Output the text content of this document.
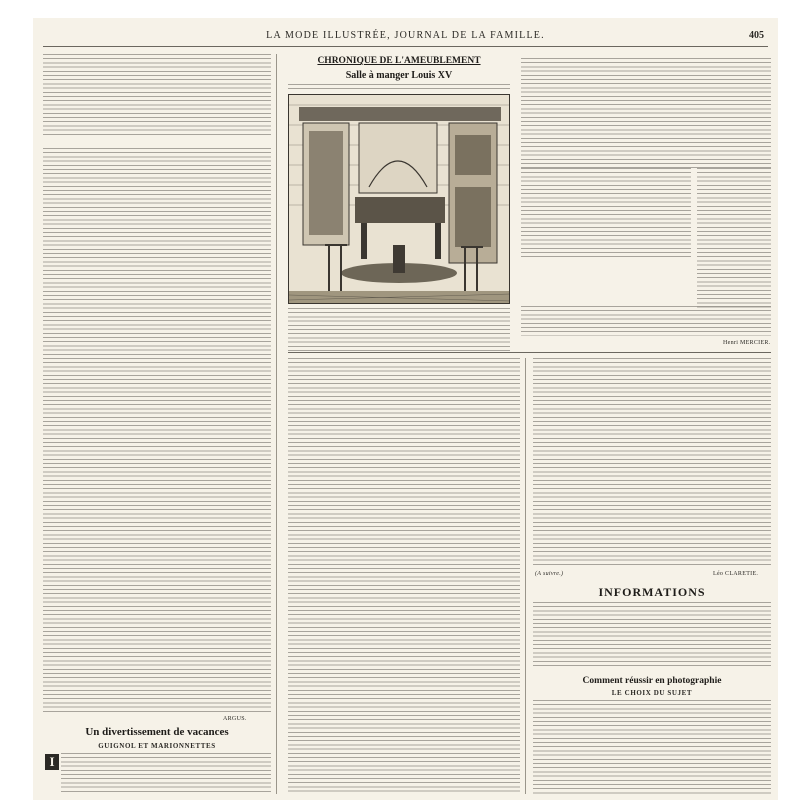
LA MODE ILLUSTRÉE, JOURNAL DE LA FAMILLE.	405
ARGUS.
Un divertissement de vacances
GUIGNOL ET MARIONNETTES
I
CHRONIQUE DE L'AMEUBLEMENT
Salle à manger Louis XV
Henri MERCIER.
(A suivre.)	Léo CLARETIE.
INFORMATIONS
Comment réussir en photographie
LE CHOIX DU SUJET
